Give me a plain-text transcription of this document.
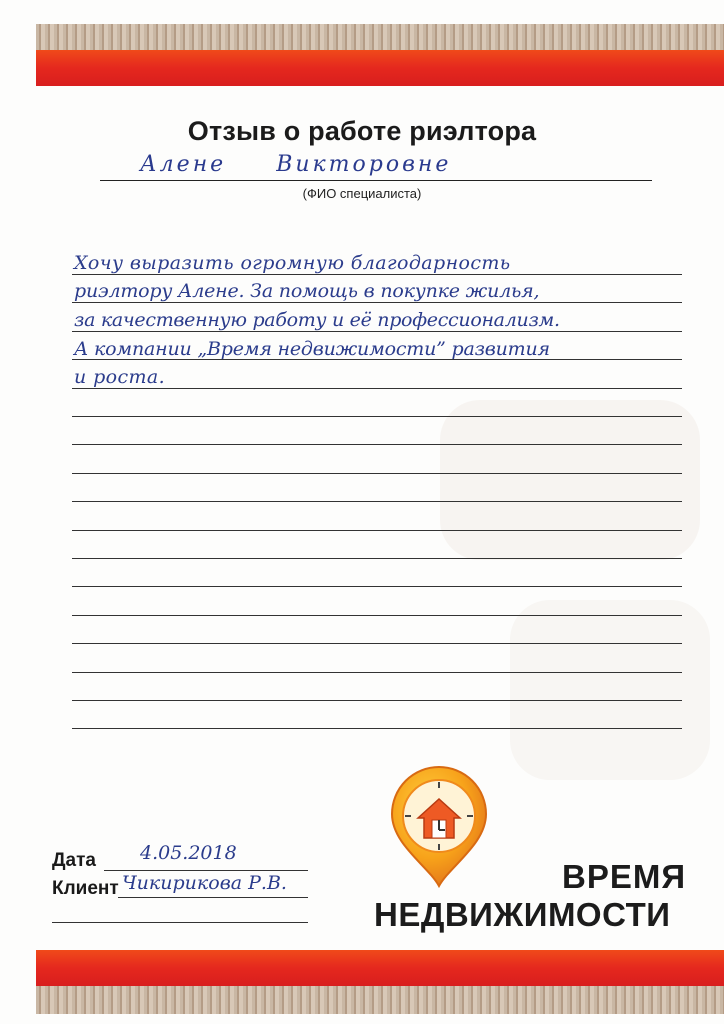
Отзыв о работе риэлтора
Алене Викторовне
(ФИО специалиста)
Хочу выразить огромную благодарность
риэлтору Алене. За помощь в покупке жилья,
за качественную работу и её профессионализм.
А компании „Время недвижимости” развития
и роста.
Дата 4.05.2018
Клиент Чикирикова Р.В.	ВРЕМЯ
НЕДВИЖИМОСТИ
